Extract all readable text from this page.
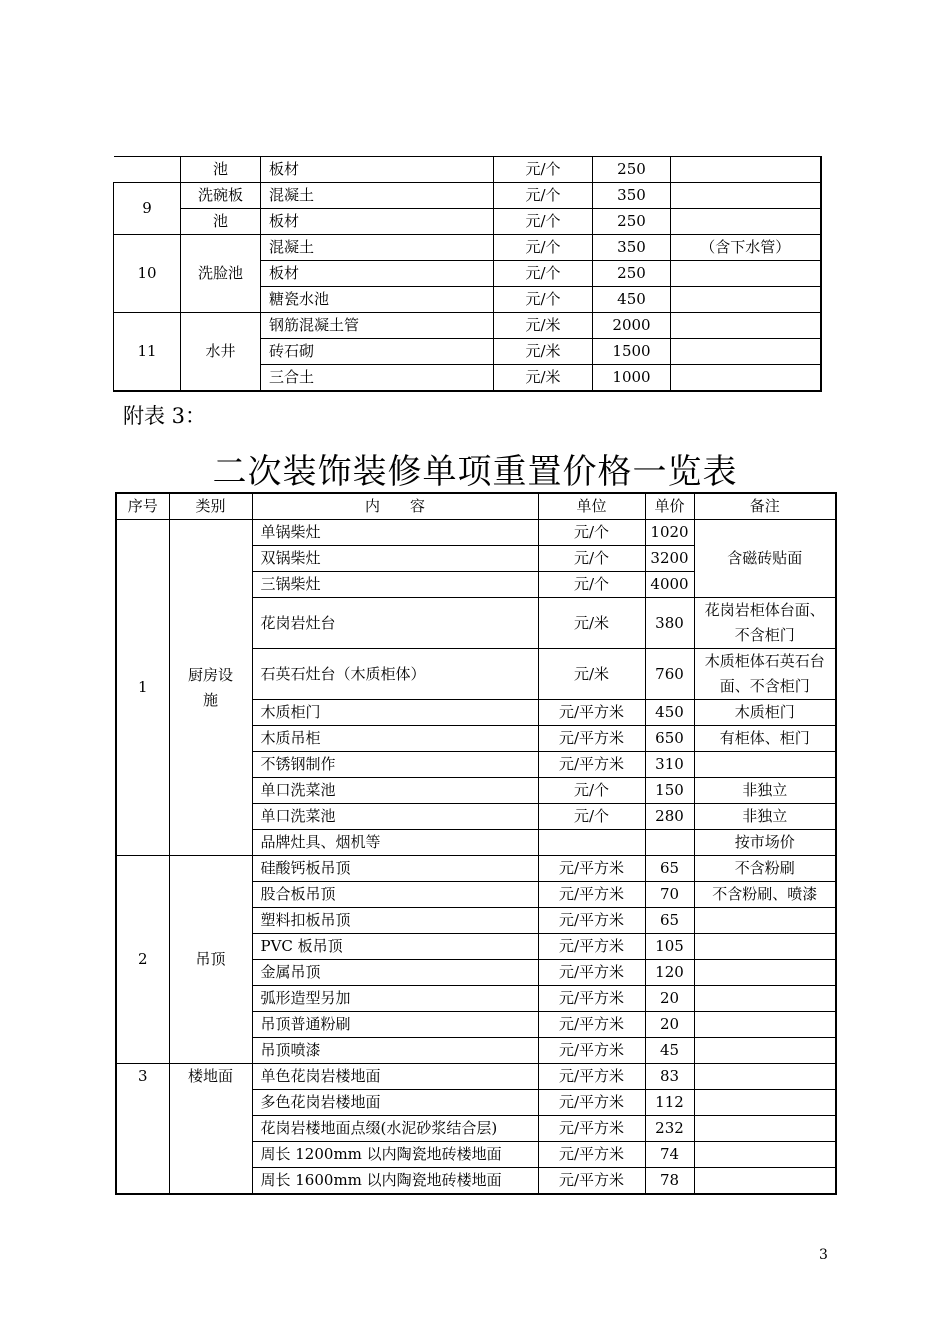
	池	板材	元/个	250	
9	洗碗板	混凝土	元/个	350	
	池	板材	元/个	250	
10	洗脸池	混凝土	元/个	350	（含下水管）
		板材	元/个	250	
		糖瓷水池	元/个	450	
11	水井	钢筋混凝土管	元/米	2000	
		砖石砌	元/米	1500	
		三合土	元/米	1000	
附表 3：
二次装饰装修单项重置价格一览表
序号	类别	内　　容	单位	单价	备注
1	厨房设施	单锅柴灶	元/个	1020	含磁砖贴面
		双锅柴灶	元/个	3200	
		三锅柴灶	元/个	4000	
		花岗岩灶台	元/米	380	花岗岩柜体台面、不含柜门
		石英石灶台（木质柜体）	元/米	760	木质柜体石英石台面、不含柜门
		木质柜门	元/平方米	450	木质柜门
		木质吊柜	元/平方米	650	有柜体、柜门
		不锈钢制作	元/平方米	310	
		单口洗菜池	元/个	150	非独立
		单口洗菜池	元/个	280	非独立
		品牌灶具、烟机等			按市场价
2	吊顶	硅酸钙板吊顶	元/平方米	65	不含粉刷
		股合板吊顶	元/平方米	70	不含粉刷、喷漆
		塑料扣板吊顶	元/平方米	65	
		PVC 板吊顶	元/平方米	105	
		金属吊顶	元/平方米	120	
		弧形造型另加	元/平方米	20	
		吊顶普通粉刷	元/平方米	20	
		吊顶喷漆	元/平方米	45	
3	楼地面	单色花岗岩楼地面	元/平方米	83	
		多色花岗岩楼地面	元/平方米	112	
		花岗岩楼地面点缀(水泥砂浆结合层)	元/平方米	232	
		周长 1200mm 以内陶瓷地砖楼地面	元/平方米	74	
		周长 1600mm 以内陶瓷地砖楼地面	元/平方米	78	
3
